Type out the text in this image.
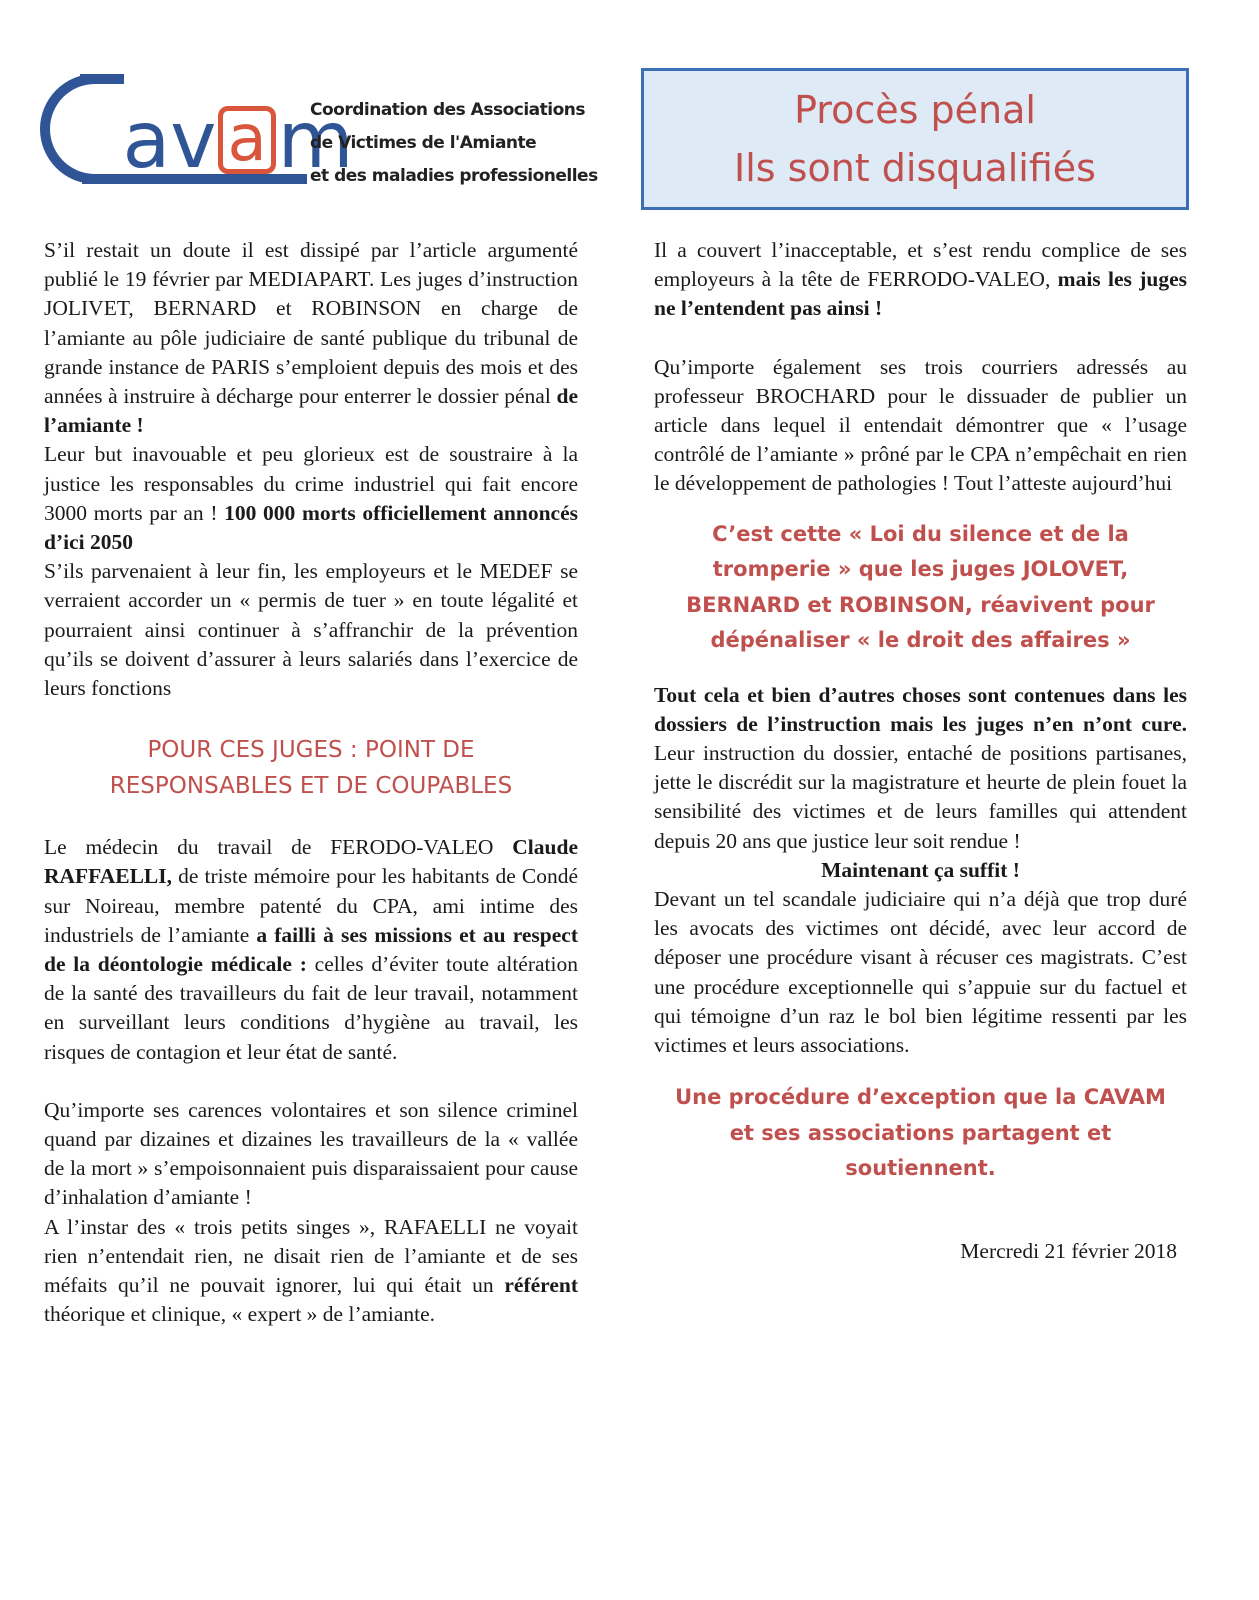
av a m
Coordination des Associations
de Victimes de l'Amiante
et des maladies professionelles
Procès pénal
Ils sont disqualifiés

S’il restait un doute il est dissipé par l’article argumenté publié le 19 février par MEDIAPART. Les juges d’instruction JOLIVET, BERNARD et ROBINSON en charge de l’amiante au pôle judiciaire de santé publique du tribunal de grande instance de PARIS s’emploient depuis des mois et des années à instruire à décharge pour enterrer le dossier pénal de l’amiante !

Leur but inavouable et peu glorieux est de soustraire à la justice les responsables du crime industriel qui fait encore 3000 morts par an ! 100 000 morts officiellement annoncés d’ici 2050

S’ils parvenaient à leur fin, les employeurs et le MEDEF se verraient accorder un « permis de tuer » en toute légalité et pourraient ainsi continuer à s’affranchir de la prévention qu’ils se doivent d’assurer à leurs salariés dans l’exercice de leurs fonctions

POUR CES JUGES : POINT DE
RESPONSABLES ET DE COUPABLES

Le médecin du travail de FERODO-VALEO Claude RAFFAELLI, de triste mémoire pour les habitants de Condé sur Noireau, membre patenté du CPA, ami intime des industriels de l’amiante a failli à ses missions et au respect de la déontologie médicale : celles d’éviter toute altération de la santé des travailleurs du fait de leur travail, notamment en surveillant leurs conditions d’hygiène au travail, les risques de contagion et leur état de santé.

Qu’importe ses carences volontaires et son silence criminel quand par dizaines et dizaines les travailleurs de la « vallée de la mort » s’empoisonnaient puis disparaissaient pour cause d’inhalation d’amiante !

A l’instar des « trois petits singes », RAFAELLI ne voyait rien n’entendait rien, ne disait rien de l’amiante et de ses méfaits qu’il ne pouvait ignorer, lui qui était un référent théorique et clinique, « expert » de l’amiante.

Il a couvert l’inacceptable, et s’est rendu complice de ses employeurs à la tête de FERRODO-VALEO, mais les juges ne l’entendent pas ainsi !

Qu’importe également ses trois courriers adressés au professeur BROCHARD pour le dissuader de publier un article dans lequel il entendait démontrer que « l’usage contrôlé de l’amiante » prôné par le CPA n’empêchait en rien le développement de pathologies ! Tout l’atteste aujourd’hui

C’est cette « Loi du silence et de la
tromperie » que les juges JOLOVET,
BERNARD et ROBINSON, réavivent pour
dépénaliser « le droit des affaires »

Tout cela et bien d’autres choses sont contenues dans les dossiers de l’instruction mais les juges n’en n’ont cure. Leur instruction du dossier, entaché de positions partisanes, jette le discrédit sur la magistrature et heurte de plein fouet la sensibilité des victimes et de leurs familles qui attendent depuis 20 ans que justice leur soit rendue !

Maintenant ça suffit !

Devant un tel scandale judiciaire qui n’a déjà que trop duré les avocats des victimes ont décidé, avec leur accord de déposer une procédure visant à récuser ces magistrats. C’est une procédure exceptionnelle qui s’appuie sur du factuel et qui témoigne d’un raz le bol bien légitime ressenti par les victimes et leurs associations.

Une procédure d’exception que la CAVAM
et ses associations partagent et
soutiennent.

Mercredi 21 février 2018
